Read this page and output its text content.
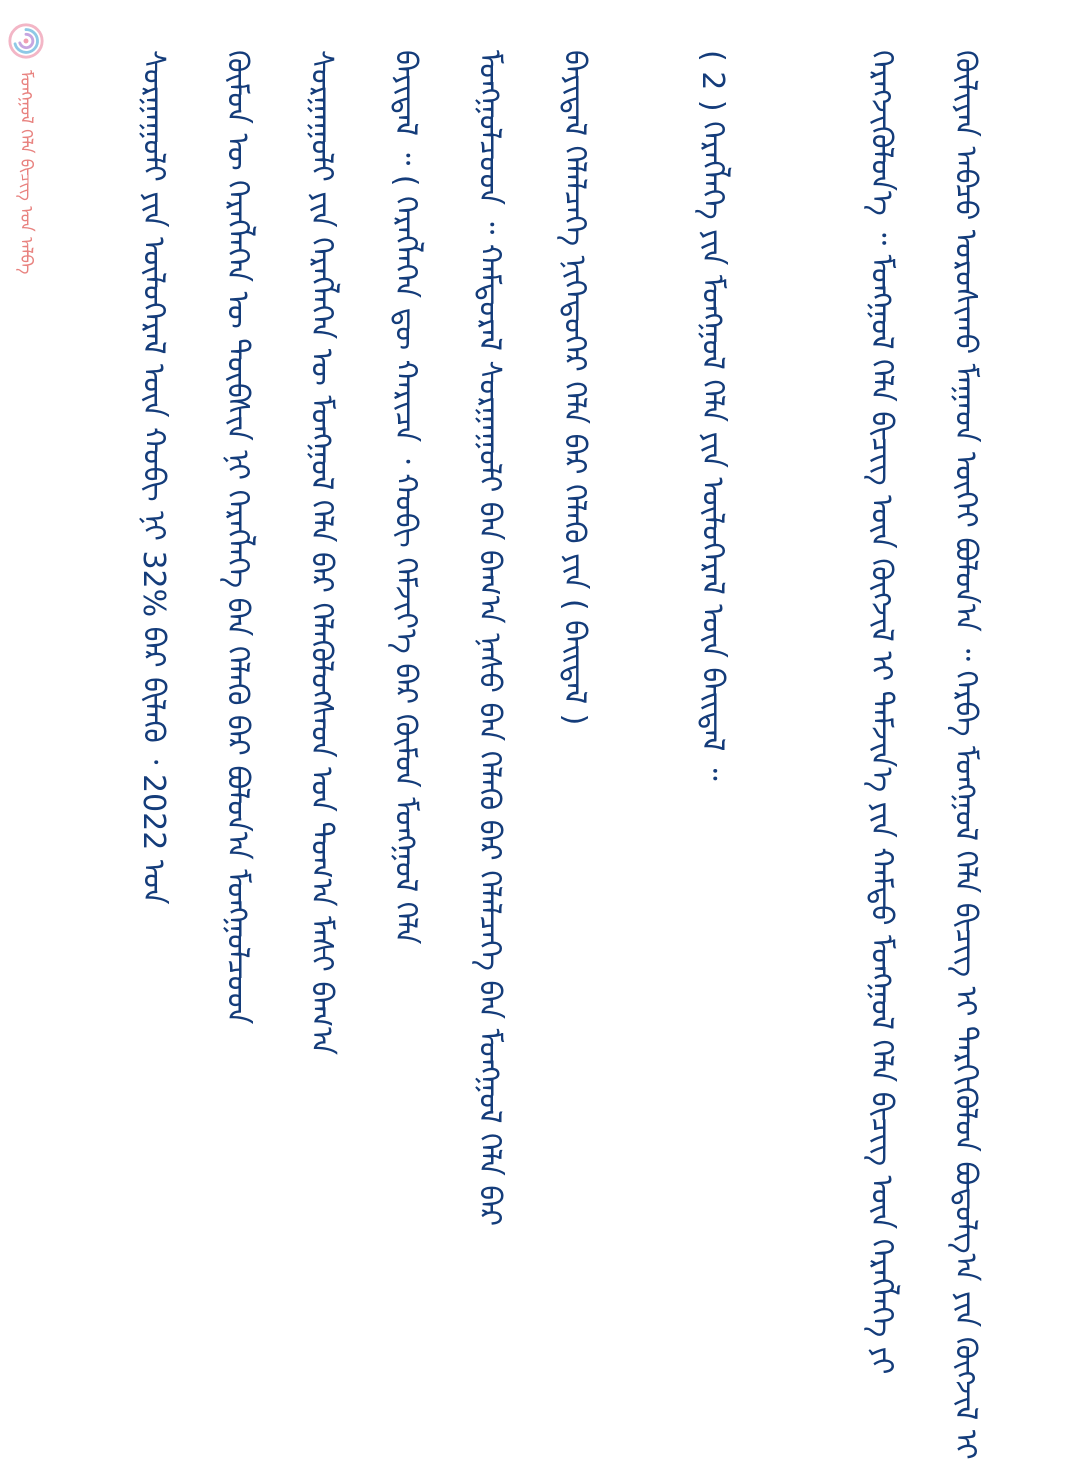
ᠮᠣᠩᠭᠣᠯ ᠬᠡᠯᠡ ᠪᠢᠴᠢᠭ ᠤᠨ ᠠᠯᠪᠠ	ᠬᠦᠯᠢᠶᠡᠨ ᠠᠪᠴᠤ ᠣᠷᠣᠰᠢᠬᠤ ᠮᠠᠭᠠᠳ ᠦᠭᠡᠶ ᠪᠣᠯᠤᠨ᠎ᠠ ᠃ ᠬᠡᠷᠪᠡ ᠮᠣᠩᠭᠣᠯ ᠬᠡᠯᠡ ᠪᠢᠴᠢᠭ ᠢ ᠲᠡᠷᠭᠢᠭᠦᠯᠦᠨ ᠪᠣᠳᠤᠯᠭ᠎ᠠ ᠶᠢᠨ ᠬᠥᠭᠵᠢᠯ ᠢ
ᠬᠡᠷᠡᠭᠵᠢᠭᠦᠯᠦᠨ᠎ᠡ ᠃ ᠮᠣᠩᠭᠣᠯ ᠬᠡᠯᠡ ᠪᠢᠴᠢᠭ ᠦᠨ ᠬᠥᠭᠵᠢᠯ ᠢ ᠳᠡᠮᠵᠢᠨ᠎ᠡ ᠶᠢᠨ ᠬᠠᠮᠲᠤ ᠮᠣᠩᠭᠣᠯ ᠬᠡᠯᠡ ᠪᠢᠴᠢᠭ ᠦᠨ ᠬᠡᠷᠡᠭᠯᠡᠭᠡ ᠶᠢ
( 2 ) ᠬᠡᠷᠡᠭᠯᠡᠭᠡ ᠶᠢᠨ ᠮᠣᠩᠭᠣᠯ ᠬᠡᠯᠡ ᠶᠢᠨ ᠦᠯᠦᠭᠡᠷᠡᠯ ᠦᠨ ᠪᠠᠢᠳᠠᠯ ᠃
ᠪᠠᠶᠢᠳᠠᠯ ᠬᠡᠯᠡᠯᠴᠡᠭᠡ ᠨᠢᠭᠡᠳᠦᠭᠡᠷ ᠬᠡᠯᠡ ᠪᠡᠷ ᠬᠡᠯᠡᠬᠦ ᠶᠢᠨ ( ᠪᠠᠢᠳᠠᠯ )
ᠮᠣᠩᠭᠣᠯᠴᠤᠳ ᠃ ᠬᠠᠮᠲᠤᠷᠠᠯ ᠰᠤᠷᠭᠠᠭᠤᠯᠢ ᠪᠠᠨ ᠪᠠᠭ᠎ᠠ ᠨᠠᠰᠤ ᠪᠠᠨ ᠬᠡᠯᠡᠬᠦ ᠪᠡᠷ ᠬᠡᠯᠡᠯᠴᠡᠭᠡ ᠪᠠᠨ ᠮᠣᠩᠭᠣᠯ ᠬᠡᠯᠡ ᠪᠡᠷ
ᠪᠠᠶᠢᠳᠠᠯ ᠃ ( ᠬᠡᠷᠡᠭᠯᠡᠭᠡᠨ ᠳᠦ ᠬᠠᠷᠢᠴᠠ ᠂ ᠬᠤᠪᠢ ᠬᠡᠮᠵᠢᠶ᠎ᠡ ᠪᠠᠷ ᠬᠦᠮᠦᠨ ᠮᠣᠩᠭᠣᠯ ᠬᠡᠯᠡ
ᠰᠤᠷᠭᠠᠭᠤᠯᠢ ᠶᠢᠨ ᠬᠡᠷᠡᠭᠯᠡᠭᠡᠨ ᠦ ᠮᠣᠩᠭᠣᠯ ᠬᠡᠯᠡ ᠪᠡᠷ ᠬᠡᠯᠡᠭᠦᠯᠦᠭᠰᠡᠳ ᠤᠨ ᠲᠣᠭ᠎ᠠ ᠮᠠᠰᠢ ᠪᠠᠭ᠎ᠠ
ᠬᠦᠮᠦᠨ ᠦ ᠬᠡᠷᠡᠭᠯᠡᠭᠡᠨ ᠦ ᠲᠦᠪᠰᠢᠨ ᠨᠢ ᠬᠡᠷᠡᠭᠯᠡᠭᠡ ᠪᠠᠨ ᠬᠡᠯᠡᠬᠦ ᠪᠡᠷ ᠪᠣᠯᠤᠨ᠎ᠠ ᠮᠣᠩᠭᠣᠯᠴᠤᠳ
ᠰᠤᠷᠭᠠᠭᠤᠯᠢ ᠶᠢᠨ ᠦᠯᠦᠭᠡᠷᠡᠯ ᠦᠨ ᠬᠤᠪᠢ ᠨᠢ 32% ᠪᠠᠷ ᠪᠢᠯᠡᠬᠦ ᠂ 2022 ᠣᠨ
